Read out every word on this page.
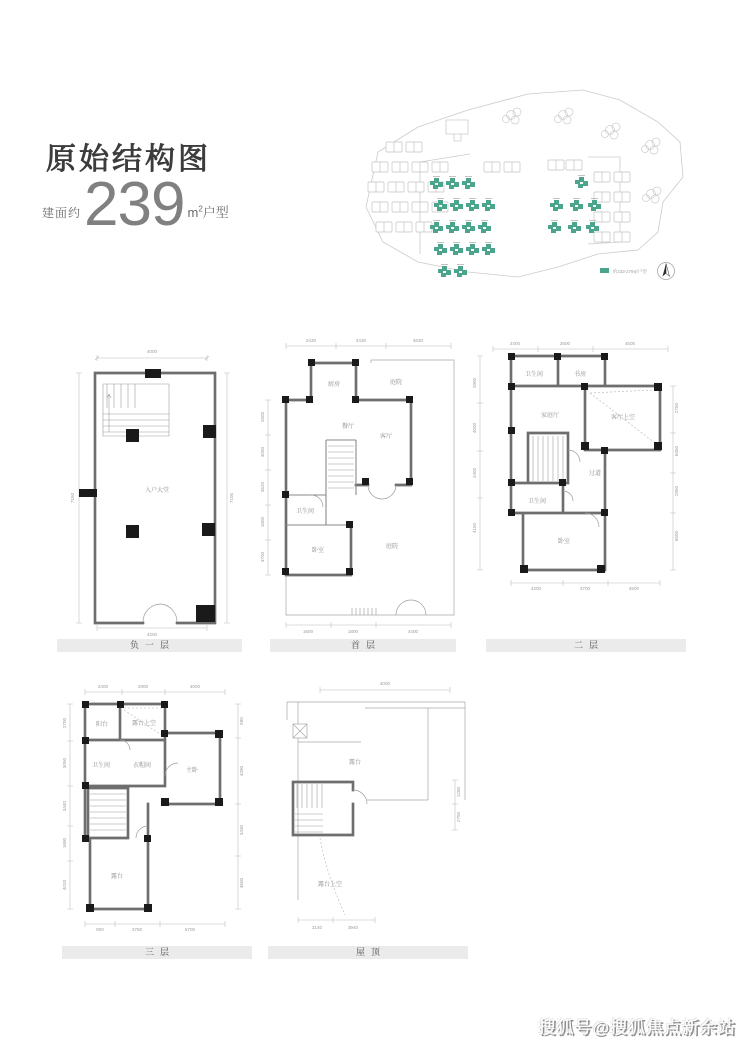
原始结构图
建面约 239 $m^2$户型
约233-279㎡户型
4000
7150	7100
4200
入户大堂
负一层
2430	2430	4630
2600
3050
3620
1800
3700
1600	1800	4400
厨房	庭院
餐厅
客厅
卫生间
卧室
庭院
首层
2400	2600	4500
2900
4500
2400
4150
2750
6450
2950
6500
4200	3700	4500
卫生间	书房
家庭厅	客厅上空
过道
卫生间
卧室
二层
2400	2900	4000
2700
3050
3440
1680
4020
890
4390
3430
4600
900	3750	5700
阳台	露台上空
卫生间	衣帽间
主卧
露台
三层
4000
1280
2750
3140	3940
露台
露台上空
屋顶
搜狐号@搜狐焦点新余站
